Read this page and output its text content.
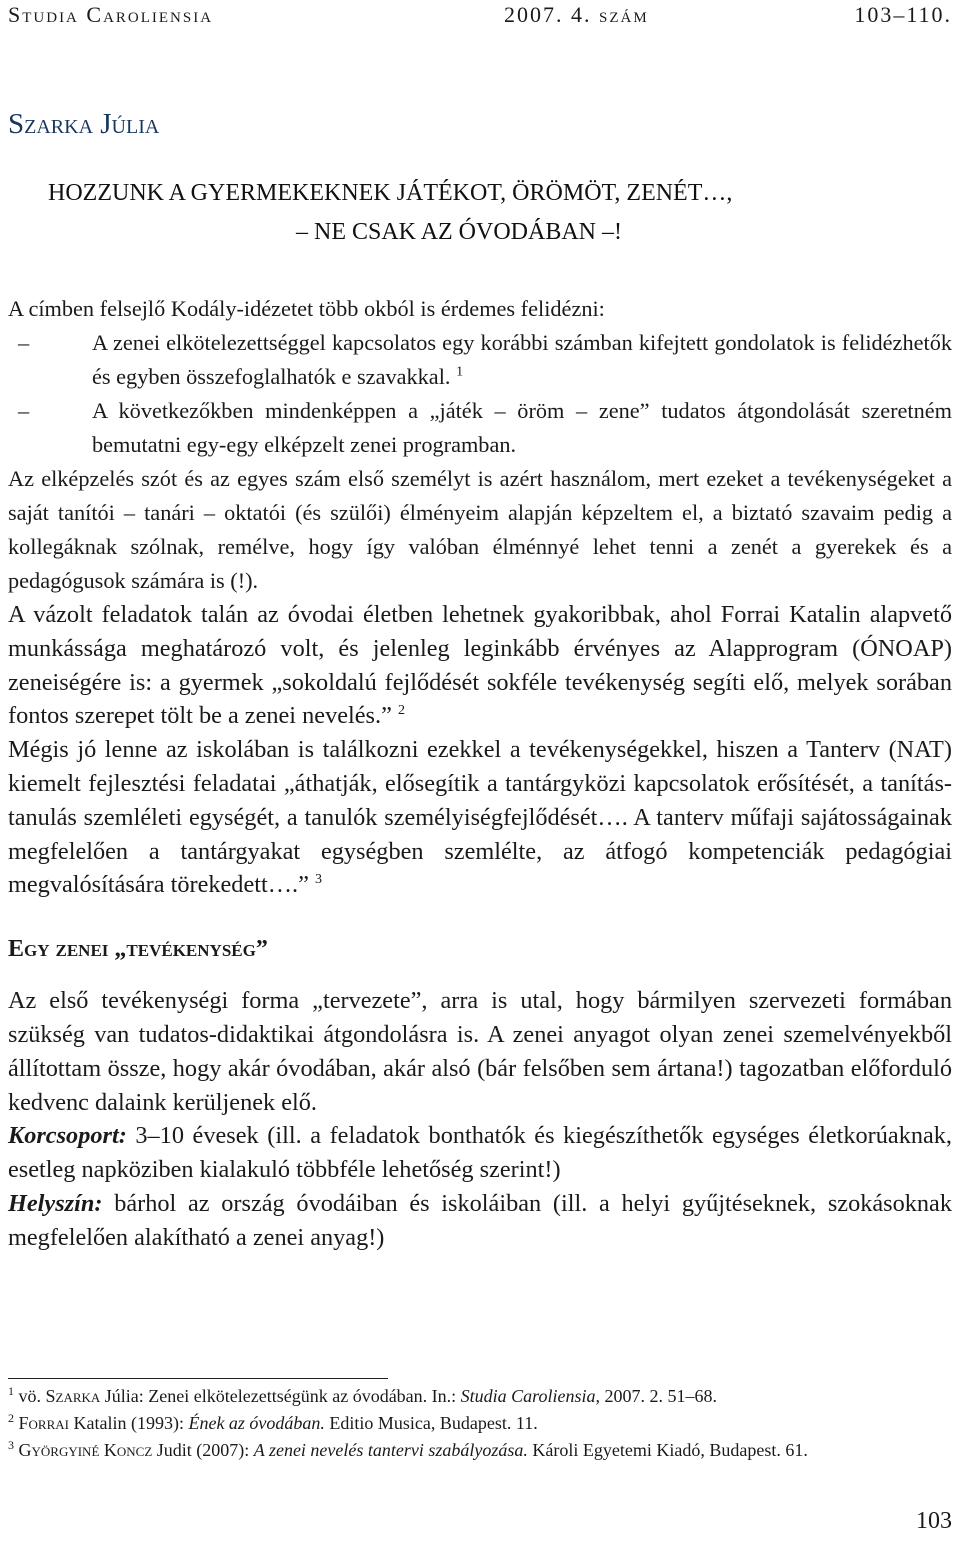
Studia Caroliensia	2007. 4. szám	103–110.
Szarka Júlia
HOZZUNK A GYERMEKEKNEK JÁTÉKOT, ÖRÖMÖT, ZENÉT…,
– NE CSAK AZ ÓVODÁBAN –!

A címben felsejlő Kodály-idézetet több okból is érdemes felidézni:

–	A zenei elkötelezettséggel kapcsolatos egy korábbi számban kifejtett gondolatok is felidézhetők és egyben összefoglalhatók e szavakkal. $^1$

–	A következőkben mindenképpen a „játék – öröm – zene” tudatos átgondolását szeretném bemutatni egy-egy elképzelt zenei programban.

Az elképzelés szót és az egyes szám első személyt is azért használom, mert ezeket a tevékenységeket a saját tanítói – tanári – oktatói (és szülői) élményeim alapján képzeltem el, a biztató szavaim pedig a kollegáknak szólnak, remélve, hogy így valóban élménnyé lehet tenni a zenét a gyerekek és a pedagógusok számára is (!).

A vázolt feladatok talán az óvodai életben lehetnek gyakoribbak, ahol Forrai Katalin alapvető munkássága meghatározó volt, és jelenleg leginkább érvényes az Alapprogram (ÓNOAP) zeneiségére is: a gyermek „sokoldalú fejlődését sokféle tevékenység segíti elő, melyek sorában fontos szerepet tölt be a zenei nevelés.” $^2$

Mégis jó lenne az iskolában is találkozni ezekkel a tevékenységekkel, hiszen a Tanterv (NAT) kiemelt fejlesztési feladatai „áthatják, elősegítik a tantárgyközi kapcsolatok erősítését, a tanítás-tanulás szemléleti egységét, a tanulók személyiségfejlődését…. A tanterv műfaji sajátosságainak megfelelően a tantárgyakat egységben szemlélte, az átfogó kompetenciák pedagógiai megvalósítására törekedett….” $^3$

Egy zenei „tevékenység”

Az első tevékenységi forma „tervezete”, arra is utal, hogy bármilyen szervezeti formában szükség van tudatos-didaktikai átgondolásra is. A zenei anyagot olyan zenei szemelvényekből állítottam össze, hogy akár óvodában, akár alsó (bár felsőben sem ártana!) tagozatban előforduló kedvenc dalaink kerüljenek elő.

Korcsoport: 3–10 évesek (ill. a feladatok bonthatók és kiegészíthetők egységes életkorúaknak, esetleg napköziben kialakuló többféle lehetőség szerint!)

Helyszín: bárhol az ország óvodáiban és iskoláiban (ill. a helyi gyűjtéseknek, szokásoknak megfelelően alakítható a zenei anyag!)

$^1$ vö. Szarka Júlia: Zenei elkötelezettségünk az óvodában. In.: Studia Caroliensia, 2007. 2. 51–68.

$^2$ Forrai Katalin (1993): Ének az óvodában. Editio Musica, Budapest. 11.

$^3$ Györgyiné Koncz Judit (2007): A zenei nevelés tantervi szabályozása. Károli Egyetemi Kiadó, Budapest. 61.

103
